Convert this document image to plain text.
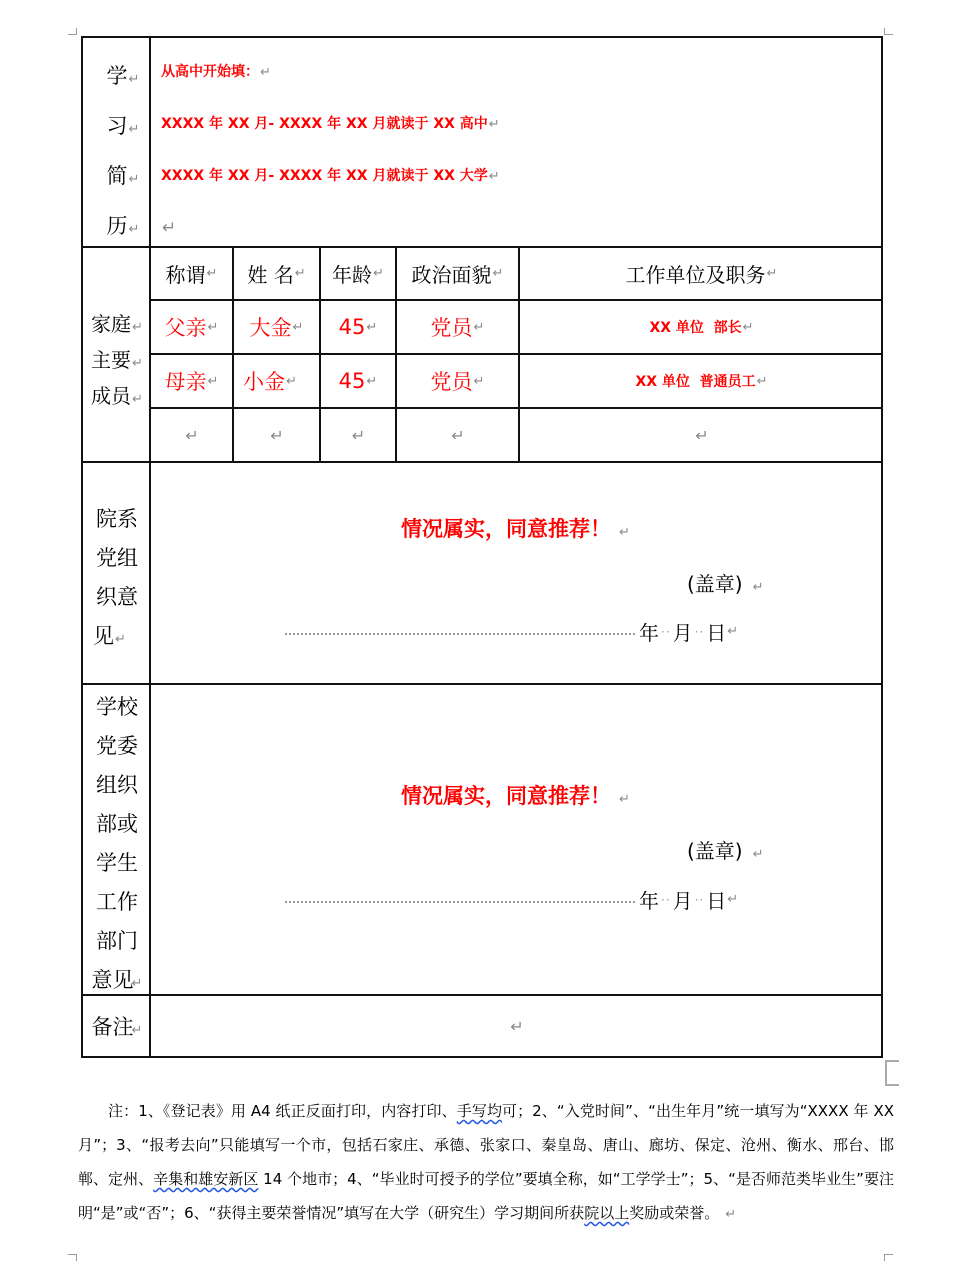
学↵
习↵
简↵
历↵
从高中开始填：↵
XXXX 年 XX 月- XXXX 年 XX 月就读于 XX 高中↵
XXXX 年 XX 月- XXXX 年 XX 月就读于 XX 大学↵
↵
家庭↵
主要↵
成员↵
称谓 ↵ 姓 名 ↵ 年龄 ↵ 政治面貌 ↵	工作单位及职务 ↵
父亲 ↵ 大金 ↵ 45 ↵	党员 ↵	XX 单位  部长 ↵
母亲 ↵ 小金 ↵ 45 ↵	党员 ↵	XX 单位  普通员工 ↵
↵	↵	↵	↵	↵
院系
党组
织意
见↵
情况属实，同意推荐！ ↵
(盖章) ↵
年 ·· 月 ·· 日 ↵
学校
党委
组织
部或
学生
工作
部门
意见↵
情况属实，同意推荐！ ↵
(盖章) ↵
年 ·· 月 ·· 日 ↵
备注↵	↵

注：1、《登记表》用 A4 纸正反面打印，内容打印、手写均可；2、“入党时间”、“出生年月”统一填写为“XXXX 年 XX 月”；3、“报考去向”只能填写一个市，包括石家庄、承德、张家口、秦皇岛、唐山、廊坊、保定、沧州、衡水、邢台、邯郸、定州、辛集和雄安新区 14 个地市；4、“毕业时可授予的学位”要填全称，如“工学学士”；5、“是否师范类毕业生”要注明“是”或“否”；6、“获得主要荣誉情况”填写在大学（研究生）学习期间所获院以上奖励或荣誉。 ↵
